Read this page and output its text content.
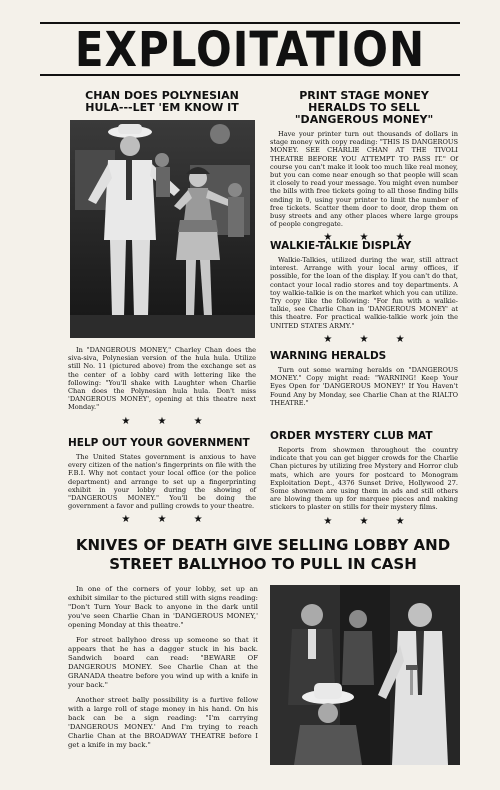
EXPLOITATION
CHAN DOES POLYNESIAN HULA---LET 'EM KNOW IT

In "DANGEROUS MONEY," Charley Chan does the siva-siva, Polynesian version of the hula hula. Utilize still No. 11 (pictured above) from the exchange set as the center of a lobby card with lettering like the following: "You'll shake with Laughter when Charlie Chan does the Polynesian hula hula. Don't miss 'DANGEROUS MONEY', opening at this theatre next Monday."

★ ★ ★
HELP OUT YOUR GOVERNMENT

The United States government is anxious to have every citizen of the nation's fingerprints on file with the F.B.I. Why not contact your local office (or the police department) and arrange to set up a fingerprinting exhibit in your lobby during the showing of "DANGEROUS MONEY." You'll be doing the government a favor and pulling crowds to your theatre.

★ ★ ★
PRINT STAGE MONEY HERALDS TO SELL "DANGEROUS MONEY"

Have your printer turn out thousands of dollars in stage money with copy reading: "THIS IS DANGEROUS MONEY. SEE CHARLIE CHAN AT THE TIVOLI THEATRE BEFORE YOU ATTEMPT TO PASS IT." Of course you can't make it look too much like real money, but you can come near enough so that people will scan it closely to read your message. You might even number the bills with free tickets going to all those finding bills ending in 0, using your printer to limit the number of free tickets. Scatter them door to door, drop them on busy streets and any other places where large groups of people congregate.

★ ★ ★
WALKIE-TALKIE DISPLAY

Walkie-Talkies, utilized during the war, still attract interest. Arrange with your local army offices, if possible, for the loan of the display. If you can't do that, contact your local radio stores and toy departments. A toy walkie-talkie is on the market which you can utilize. Try copy like the following: "For fun with a walkie-talkie, see Charlie Chan in 'DANGEROUS MONEY' at this theatre. For practical walkie-talkie work join the UNITED STATES ARMY."

★ ★ ★
WARNING HERALDS

Turn out some warning heralds on "DANGEROUS MONEY." Copy might read: "WARNING! Keep Your Eyes Open for 'DANGEROUS MONEY!' If You Haven't Found Any by Monday, see Charlie Chan at the RIALTO THEATRE."

ORDER MYSTERY CLUB MAT

Reports from showmen throughout the country indicate that you can get bigger crowds for the Charlie Chan pictures by utilizing free Mystery and Horror club mats, which are yours for postcard to Monogram Exploitation Dept., 4376 Sunset Drive, Hollywood 27. Some showmen are using them in ads and still others are blowing them up for marquee pieces and making stickers to plaster on stills for their mystery films.

★ ★ ★
KNIVES OF DEATH GIVE SELLING LOBBY AND STREET BALLYHOO TO PULL IN CASH

In one of the corners of your lobby, set up an exhibit similar to the pictured still with signs reading: "Don't Turn Your Back to anyone in the dark until you've seen Charlie Chan in 'DANGEROUS MONEY,' opening Monday at this theatre."

For street ballyhoo dress up someone so that it appears that he has a dagger stuck in his back. Sandwich board can read: "BEWARE OF DANGEROUS MONEY. See Charlie Chan at the GRANADA theatre before you wind up with a knife in your back."

Another street bally possibility is a furtive fellow with a large roll of stage money in his hand. On his back can be a sign reading: "I'm carrying 'DANGEROUS MONEY.' And I'm trying to reach Charlie Chan at the BROADWAY THEATRE before I get a knife in my back."
